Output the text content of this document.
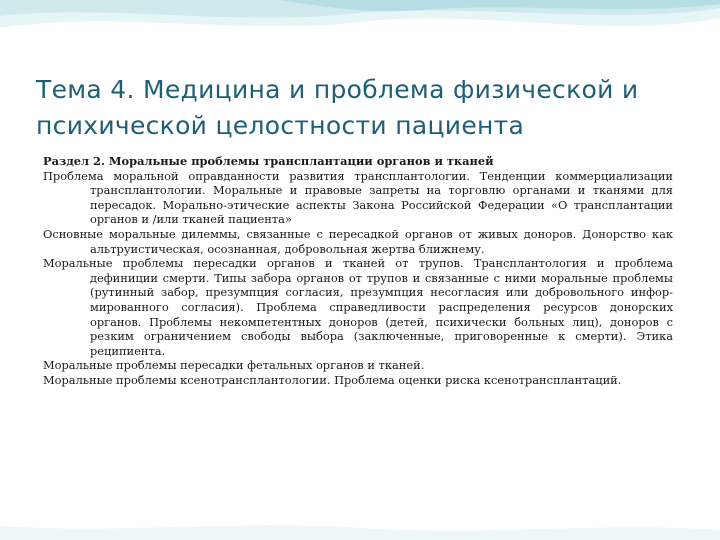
Тема 4. Медицина и проблема физической и психической целостности пациента

Раздел 2. Моральные проблемы трансплантации органов и тканей

Проблема моральной оправданности развития трансплантологии. Тенденции коммерциализации трансплантологии. Моральные и правовые запреты на торговлю органами и тканями для пересадок. Морально-этические аспекты Закона Российской Федерации «О трансплантации органов и /или тканей пациента»

Основные моральные дилеммы, связанные с пересадкой органов от живых доноров. Донорство как альтруистическая, осознанная, добровольная жертва ближнему.

Моральные проблемы пересадки органов и тканей от трупов. Трансплантология и проблема дефиниции смерти. Типы забора органов от трупов и связанные с ними моральные проблемы (рутинный забор, презумпция согласия, презумпция несогласия или добровольного инфор-мированного согласия). Проблема справедливости распределения ресурсов донорских органов. Проблемы некомпетентных доноров (детей, психически больных лиц), доноров с резким ограничением свободы выбора (заключенные, приговоренные к смерти). Этика реципиента.

Моральные проблемы пересадки фетальных органов и тканей.

Моральные проблемы ксенотрансплантологии. Проблема оценки риска ксенотрансплантаций.
